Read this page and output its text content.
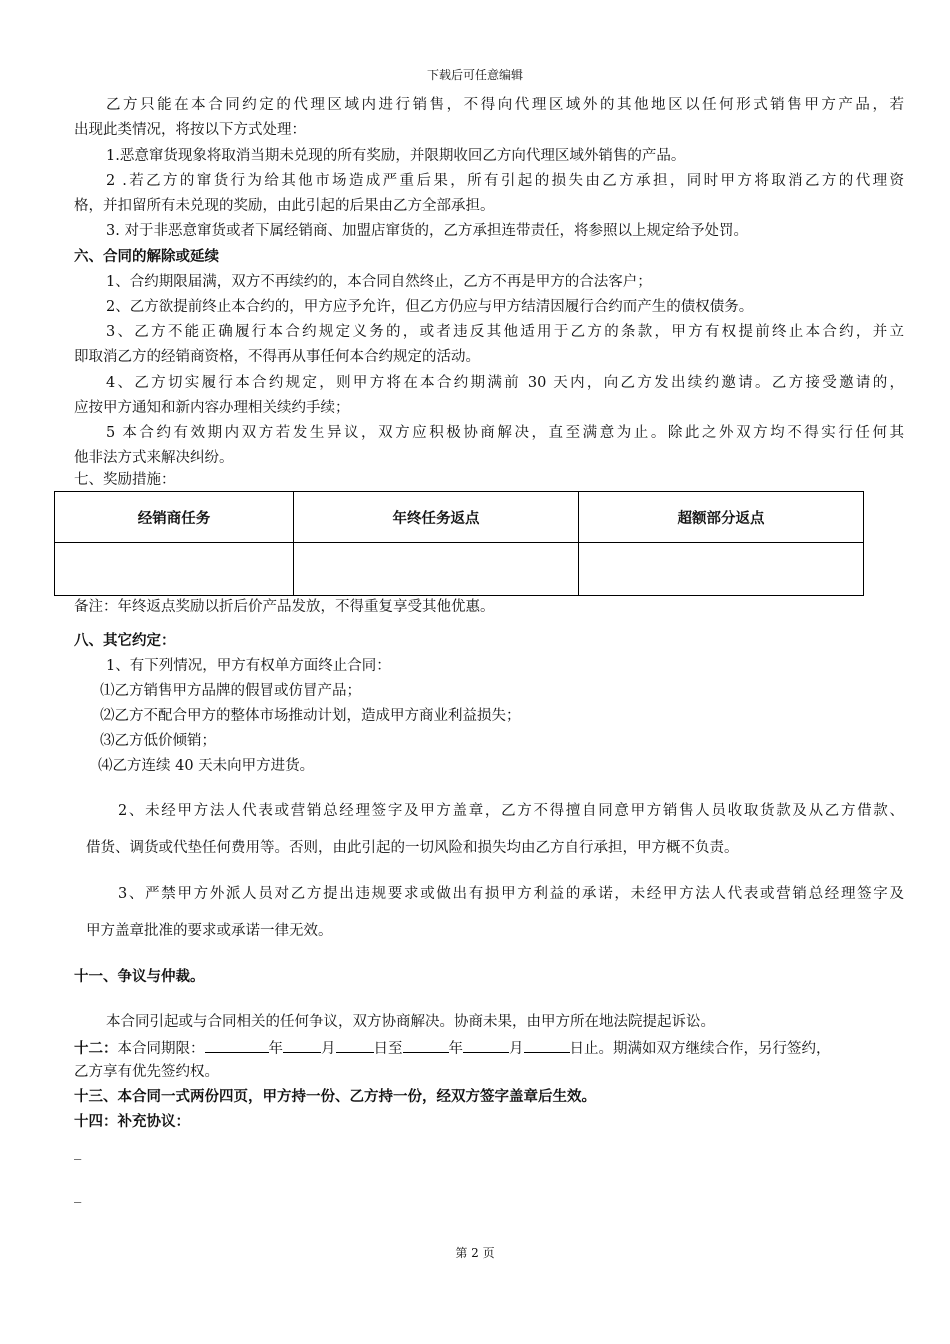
下载后可任意编辑
乙方只能在本合同约定的代理区域内进行销售，不得向代理区域外的其他地区以任何形式销售甲方产品，若
出现此类情况，将按以下方式处理：
1.恶意窜货现象将取消当期未兑现的所有奖励，并限期收回乙方向代理区域外销售的产品。
2 .若乙方的窜货行为给其他市场造成严重后果，所有引起的损失由乙方承担，同时甲方将取消乙方的代理资
格，并扣留所有未兑现的奖励，由此引起的后果由乙方全部承担。
3. 对于非恶意窜货或者下属经销商、加盟店窜货的，乙方承担连带责任，将参照以上规定给予处罚。
六、合同的解除或延续
1、合约期限届满，双方不再续约的，本合同自然终止，乙方不再是甲方的合法客户；
2、乙方欲提前终止本合约的，甲方应予允许，但乙方仍应与甲方结清因履行合约而产生的债权债务。
3、乙方不能正确履行本合约规定义务的，或者违反其他适用于乙方的条款，甲方有权提前终止本合约，并立
即取消乙方的经销商资格，不得再从事任何本合约规定的活动。
4、乙方切实履行本合约规定，则甲方将在本合约期满前 30 天内，向乙方发出续约邀请。乙方接受邀请的，
应按甲方通知和新内容办理相关续约手续；
5 本合约有效期内双方若发生异议，双方应积极协商解决，直至满意为止。除此之外双方均不得实行任何其
他非法方式来解决纠纷。
七、奖励措施：
经销商任务	年终任务返点	超额部分返点

备注：年终返点奖励以折后价产品发放，不得重复享受其他优惠。
八、其它约定：
1、有下列情况，甲方有权单方面终止合同：
⑴乙方销售甲方品牌的假冒或仿冒产品；
⑵乙方不配合甲方的整体市场推动计划，造成甲方商业利益损失；
⑶乙方低价倾销；
⑷乙方连续 40 天未向甲方进货。
2、未经甲方法人代表或营销总经理签字及甲方盖章，乙方不得擅自同意甲方销售人员收取货款及从乙方借款、
借货、调货或代垫任何费用等。否则，由此引起的一切风险和损失均由乙方自行承担，甲方概不负责。
3、严禁甲方外派人员对乙方提出违规要求或做出有损甲方利益的承诺，未经甲方法人代表或营销总经理签字及
甲方盖章批准的要求或承诺一律无效。
十一、争议与仲裁。
本合同引起或与合同相关的任何争议，双方协商解决。协商未果，由甲方所在地法院提起诉讼。
十二：本合同期限：	年	月	日至	年	月	日止。期满如双方继续合作，另行签约，
乙方享有优先签约权。
十三、本合同一式两份四页，甲方持一份、乙方持一份，经双方签字盖章后生效。
十四：补充协议：
_
_
第 2 页
